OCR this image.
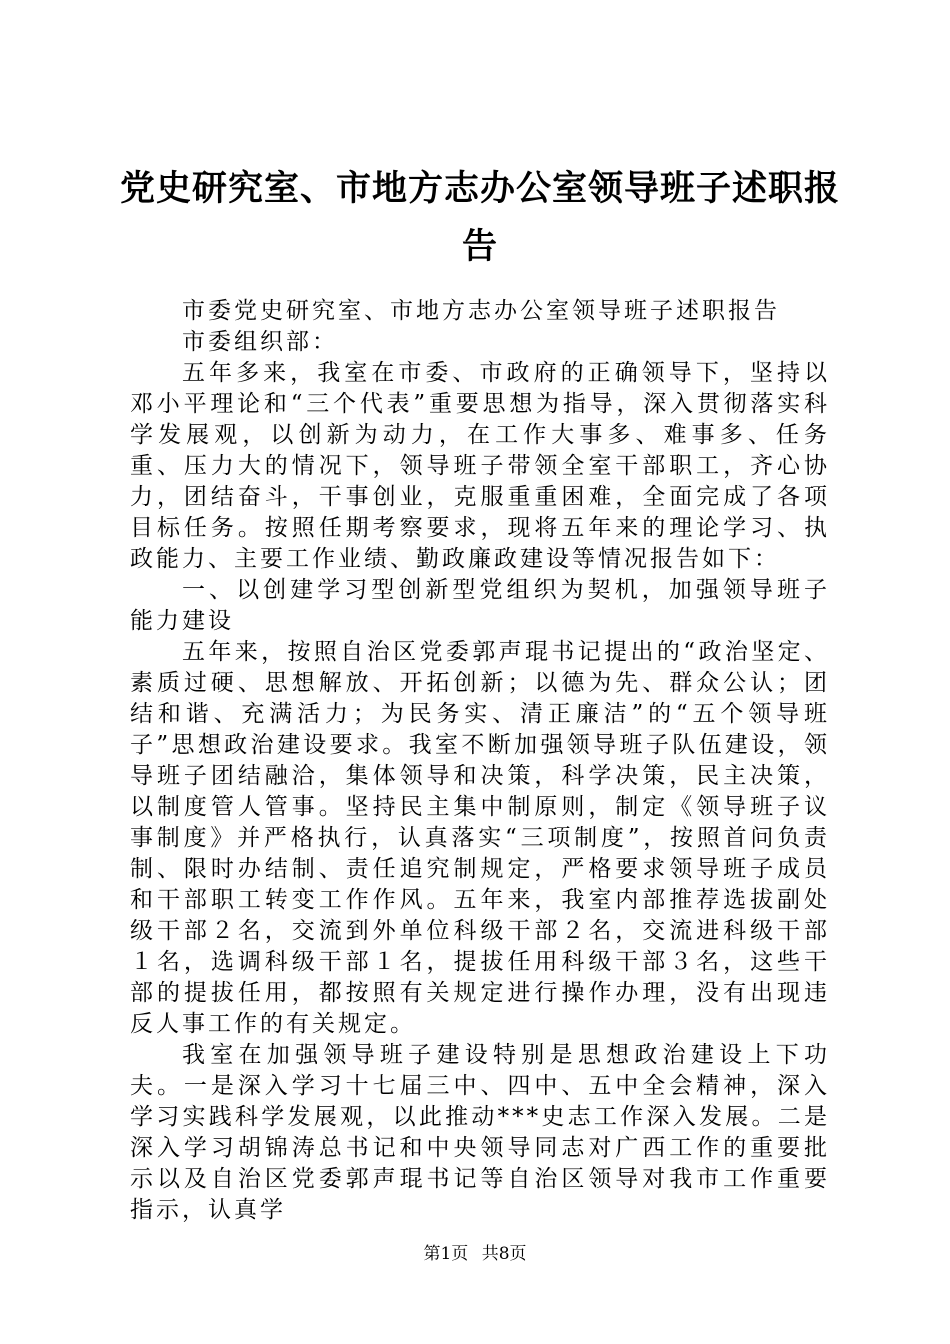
党史研究室、市地方志办公室领导班子述职报告

市委党史研究室、市地方志办公室领导班子述职报告

市委组织部：

五年多来，我室在市委、市政府的正确领导下，坚持以邓小平理论和“三个代表”重要思想为指导，深入贯彻落实科学发展观，以创新为动力，在工作大事多、难事多、任务重、压力大的情况下，领导班子带领全室干部职工，齐心协力，团结奋斗，干事创业，克服重重困难，全面完成了各项目标任务。按照任期考察要求，现将五年来的理论学习、执政能力、主要工作业绩、勤政廉政建设等情况报告如下：

一、以创建学习型创新型党组织为契机，加强领导班子能力建设

五年来，按照自治区党委郭声琨书记提出的“政治坚定、素质过硬、思想解放、开拓创新；以德为先、群众公认；团结和谐、充满活力；为民务实、清正廉洁”的“五个领导班子”思想政治建设要求。我室不断加强领导班子队伍建设，领导班子团结融洽，集体领导和决策，科学决策，民主决策，以制度管人管事。坚持民主集中制原则，制定《领导班子议事制度》并严格执行，认真落实“三项制度”，按照首问负责制、限时办结制、责任追究制规定，严格要求领导班子成员和干部职工转变工作作风。五年来，我室内部推荐选拔副处级干部２名，交流到外单位科级干部２名，交流进科级干部１名，选调科级干部１名，提拔任用科级干部３名，这些干部的提拔任用，都按照有关规定进行操作办理，没有出现违反人事工作的有关规定。

我室在加强领导班子建设特别是思想政治建设上下功夫。一是深入学习十七届三中、四中、五中全会精神，深入学习实践科学发展观，以此推动***史志工作深入发展。二是深入学习胡锦涛总书记和中央领导同志对广西工作的重要批示以及自治区党委郭声琨书记等自治区领导对我市工作重要指示，认真学

第1页 共8页
